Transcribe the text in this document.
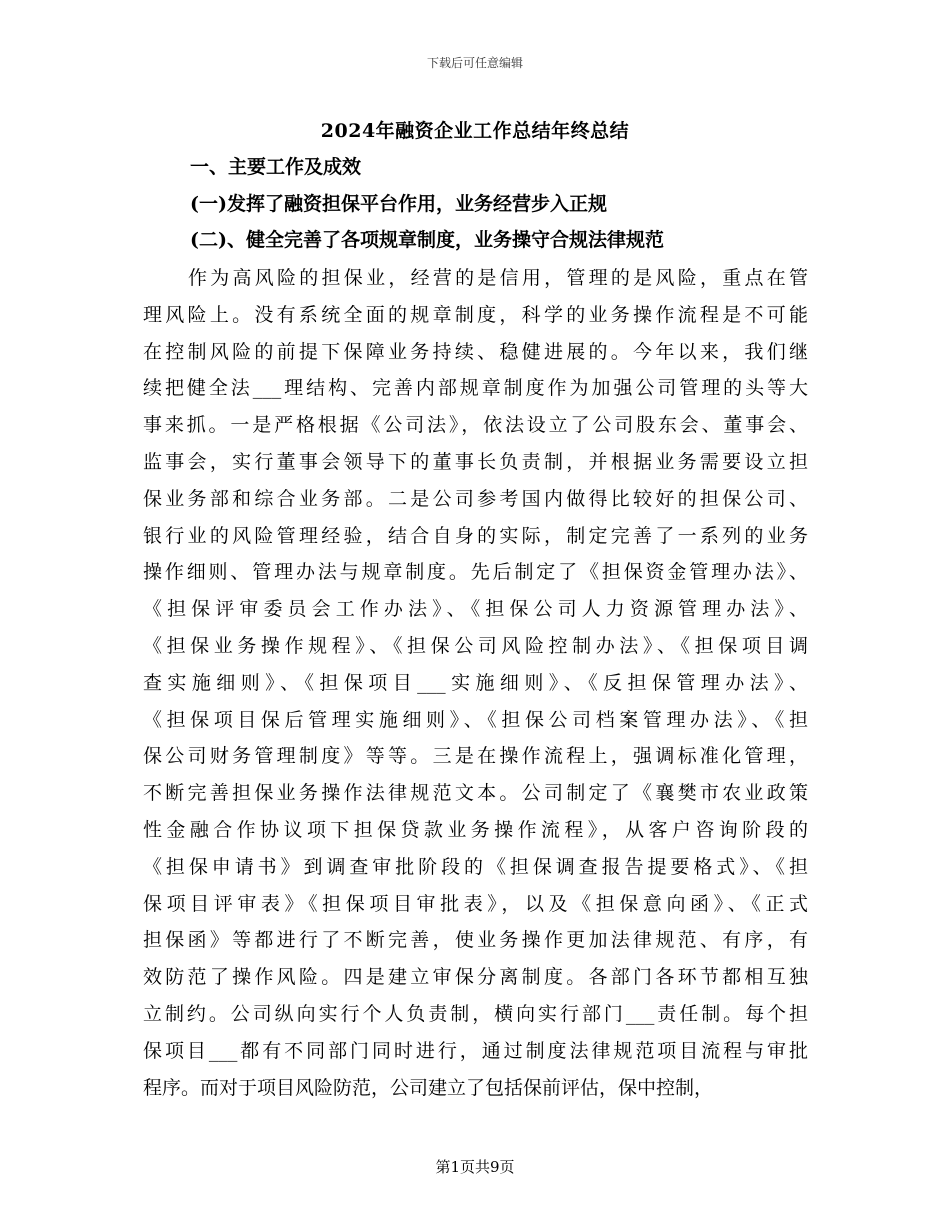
下载后可任意编辑
2024年融资企业工作总结年终总结
一、主要工作及成效
(一)发挥了融资担保平台作用，业务经营步入正规
(二)、健全完善了各项规章制度，业务操守合规法律规范
作为高风险的担保业，经营的是信用，管理的是风险，重点在管
理风险上。没有系统全面的规章制度，科学的业务操作流程是不可能
在控制风险的前提下保障业务持续、稳健进展的。今年以来，我们继
续把健全法___理结构、完善内部规章制度作为加强公司管理的头等大
事来抓。一是严格根据《公司法》，依法设立了公司股东会、董事会、
监事会，实行董事会领导下的董事长负责制，并根据业务需要设立担
保业务部和综合业务部。二是公司参考国内做得比较好的担保公司、
银行业的风险管理经验，结合自身的实际，制定完善了一系列的业务
操作细则、管理办法与规章制度。先后制定了《担保资金管理办法》、
《担保评审委员会工作办法》、《担保公司人力资源管理办法》、
《担保业务操作规程》、《担保公司风险控制办法》、《担保项目调
查实施细则》、《担保项目___实施细则》、《反担保管理办法》、
《担保项目保后管理实施细则》、《担保公司档案管理办法》、《担
保公司财务管理制度》等等。三是在操作流程上，强调标准化管理，
不断完善担保业务操作法律规范文本。公司制定了《襄樊市农业政策
性金融合作协议项下担保贷款业务操作流程》，从客户咨询阶段的
《担保申请书》到调查审批阶段的《担保调查报告提要格式》、《担
保项目评审表》《担保项目审批表》，以及《担保意向函》、《正式
担保函》等都进行了不断完善，使业务操作更加法律规范、有序，有
效防范了操作风险。四是建立审保分离制度。各部门各环节都相互独
立制约。公司纵向实行个人负责制，横向实行部门___责任制。每个担
保项目___都有不同部门同时进行，通过制度法律规范项目流程与审批
程序。而对于项目风险防范，公司建立了包括保前评估，保中控制，
第1页共9页
